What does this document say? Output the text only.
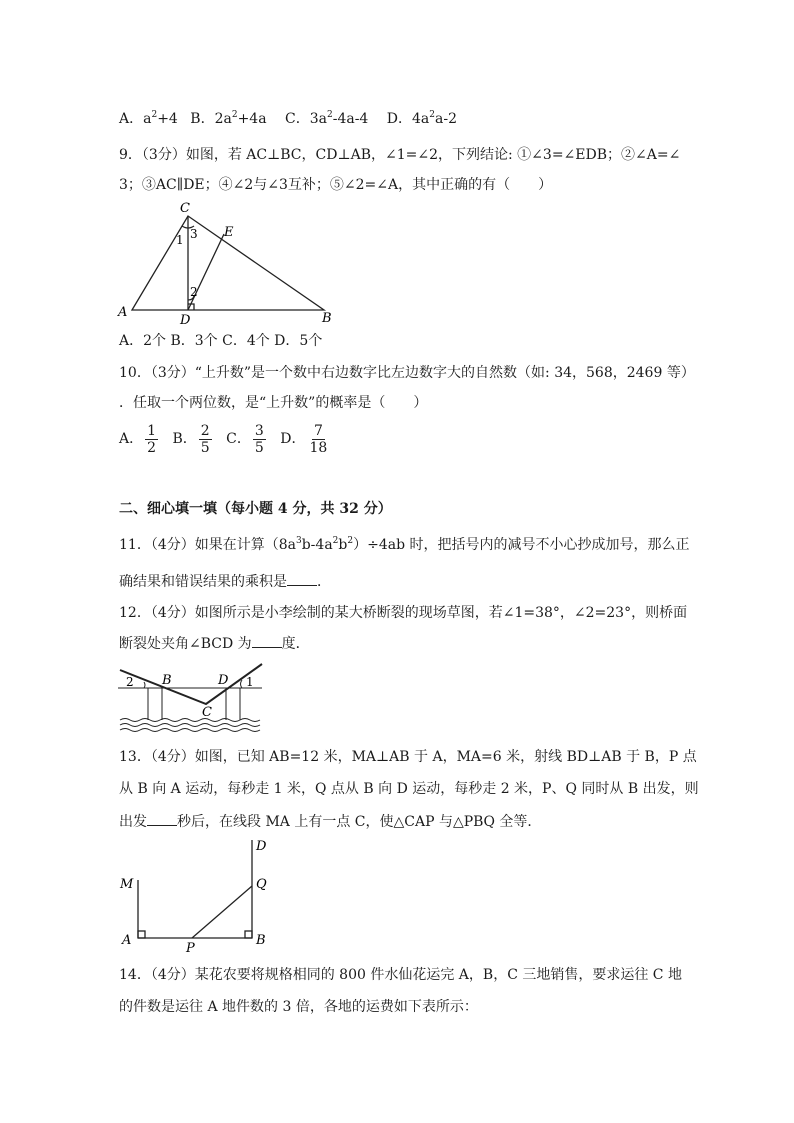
A．$a^2+4$ B．$2a^2+4a$ C．$3a^2-4a-4$ D．$4a^2a-2$
9．（3分）如图，若 AC⊥BC，CD⊥AB，∠1=∠2，下列结论: ①∠3=∠EDB；②∠A=∠
3；③AC∥DE；④∠2与∠3互补；⑤∠2=∠A，其中正确的有（　　）
C
E
A
D	B
1 3
2
A．2个 B．3个 C．4个 D．5个
10．（3分）“上升数”是一个数中右边数字比左边数字大的自然数（如: 34，568，2469 等）
．任取一个两位数，是“上升数”的概率是（　　）
A． $\frac{1}{2}$ B． $\frac{2}{5}$ C． $\frac{3}{5}$ D． $\frac{7}{18}$
二、细心填一填（每小题 4 分，共 32 分）
11．（4分）如果在计算$(8a^3b-4a^2b^2)\div 4ab$ 时，把括号内的减号不小心抄成加号，那么正
确结果和错误结果的乘积是 ．
12．（4分）如图所示是小李绘制的某大桥断裂的现场草图，若∠1=38°，∠2=23°，则桥面
断裂处夹角∠BCD 为 度．
2 B
C
D 1
13．（4分）如图，已知 AB=12 米，MA⊥AB 于 A，MA=6 米，射线 BD⊥AB 于 B，P 点
从 B 向 A 运动，每秒走 1 米，Q 点从 B 向 D 运动，每秒走 2 米，P、Q 同时从 B 出发，则
出发 秒后，在线段 MA 上有一点 C，使△CAP 与△PBQ 全等．
M
A
P
B
Q
D
14．（4分）某花农要将规格相同的 800 件水仙花运完 A，B，C 三地销售，要求运往 C 地
的件数是运往 A 地件数的 3 倍，各地的运费如下表所示：
